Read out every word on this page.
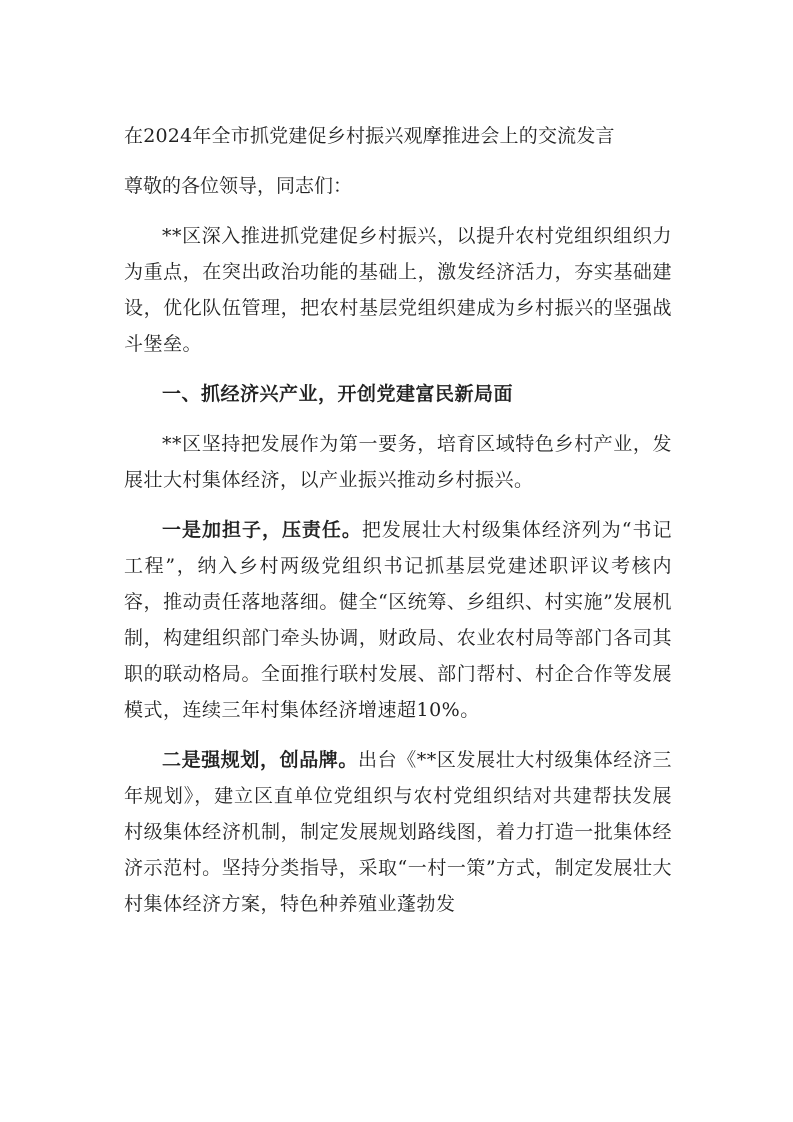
在2024年全市抓党建促乡村振兴观摩推进会上的交流发言

尊敬的各位领导，同志们：

**区深入推进抓党建促乡村振兴，以提升农村党组织组织力为重点，在突出政治功能的基础上，激发经济活力，夯实基础建设，优化队伍管理，把农村基层党组织建成为乡村振兴的坚强战斗堡垒。

一、抓经济兴产业，开创党建富民新局面

**区坚持把发展作为第一要务，培育区域特色乡村产业，发展壮大村集体经济，以产业振兴推动乡村振兴。

一是加担子，压责任。把发展壮大村级集体经济列为“书记工程”，纳入乡村两级党组织书记抓基层党建述职评议考核内容，推动责任落地落细。健全“区统筹、乡组织、村实施”发展机制，构建组织部门牵头协调，财政局、农业农村局等部门各司其职的联动格局。全面推行联村发展、部门帮村、村企合作等发展模式，连续三年村集体经济增速超10%。

二是强规划，创品牌。出台《**区发展壮大村级集体经济三年规划》，建立区直单位党组织与农村党组织结对共建帮扶发展村级集体经济机制，制定发展规划路线图，着力打造一批集体经济示范村。坚持分类指导，采取“一村一策”方式，制定发展壮大村集体经济方案，特色种养殖业蓬勃发
